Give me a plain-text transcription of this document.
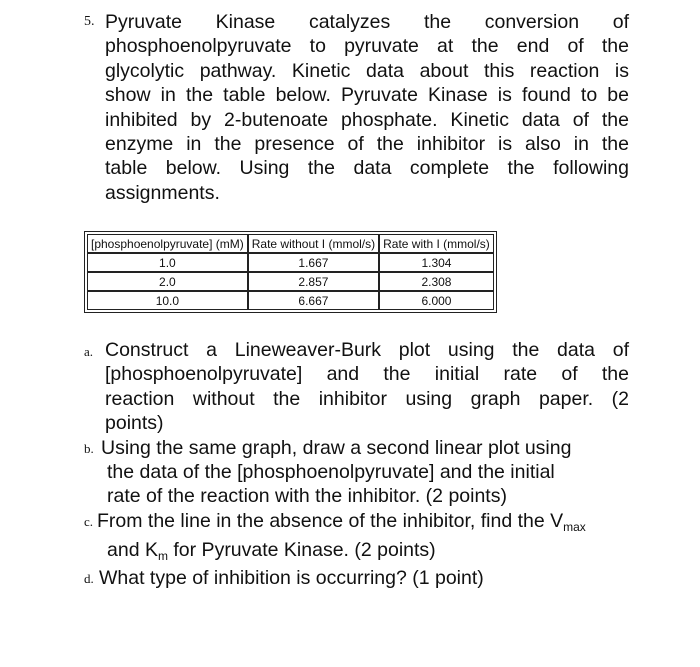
5. Pyruvate Kinase catalyzes the conversion of
phosphoenolpyruvate to pyruvate at the end of the
glycolytic pathway. Kinetic data about this reaction is
show in the table below. Pyruvate Kinase is found to be
inhibited by 2-butenoate phosphate. Kinetic data of the
enzyme in the presence of the inhibitor is also in the
table below. Using the data complete the following
assignments.
[phosphoenolpyruvate] (mM)	Rate without I (mmol/s)	Rate with I (mmol/s)
1.0	1.667	1.304
2.0	2.857	2.308
10.0	6.667	6.000
a. Construct a Lineweaver-Burk plot using the data of
[phosphoenolpyruvate] and the initial rate of the
reaction without the inhibitor using graph paper. (2
points)
b. Using the same graph, draw a second linear plot using
the data of the [phosphoenolpyruvate] and the initial
rate of the reaction with the inhibitor. (2 points)
c. From the line in the absence of the inhibitor, find the $V_{max}$
and $K_m$ for Pyruvate Kinase. (2 points)
d. What type of inhibition is occurring? (1 point)
